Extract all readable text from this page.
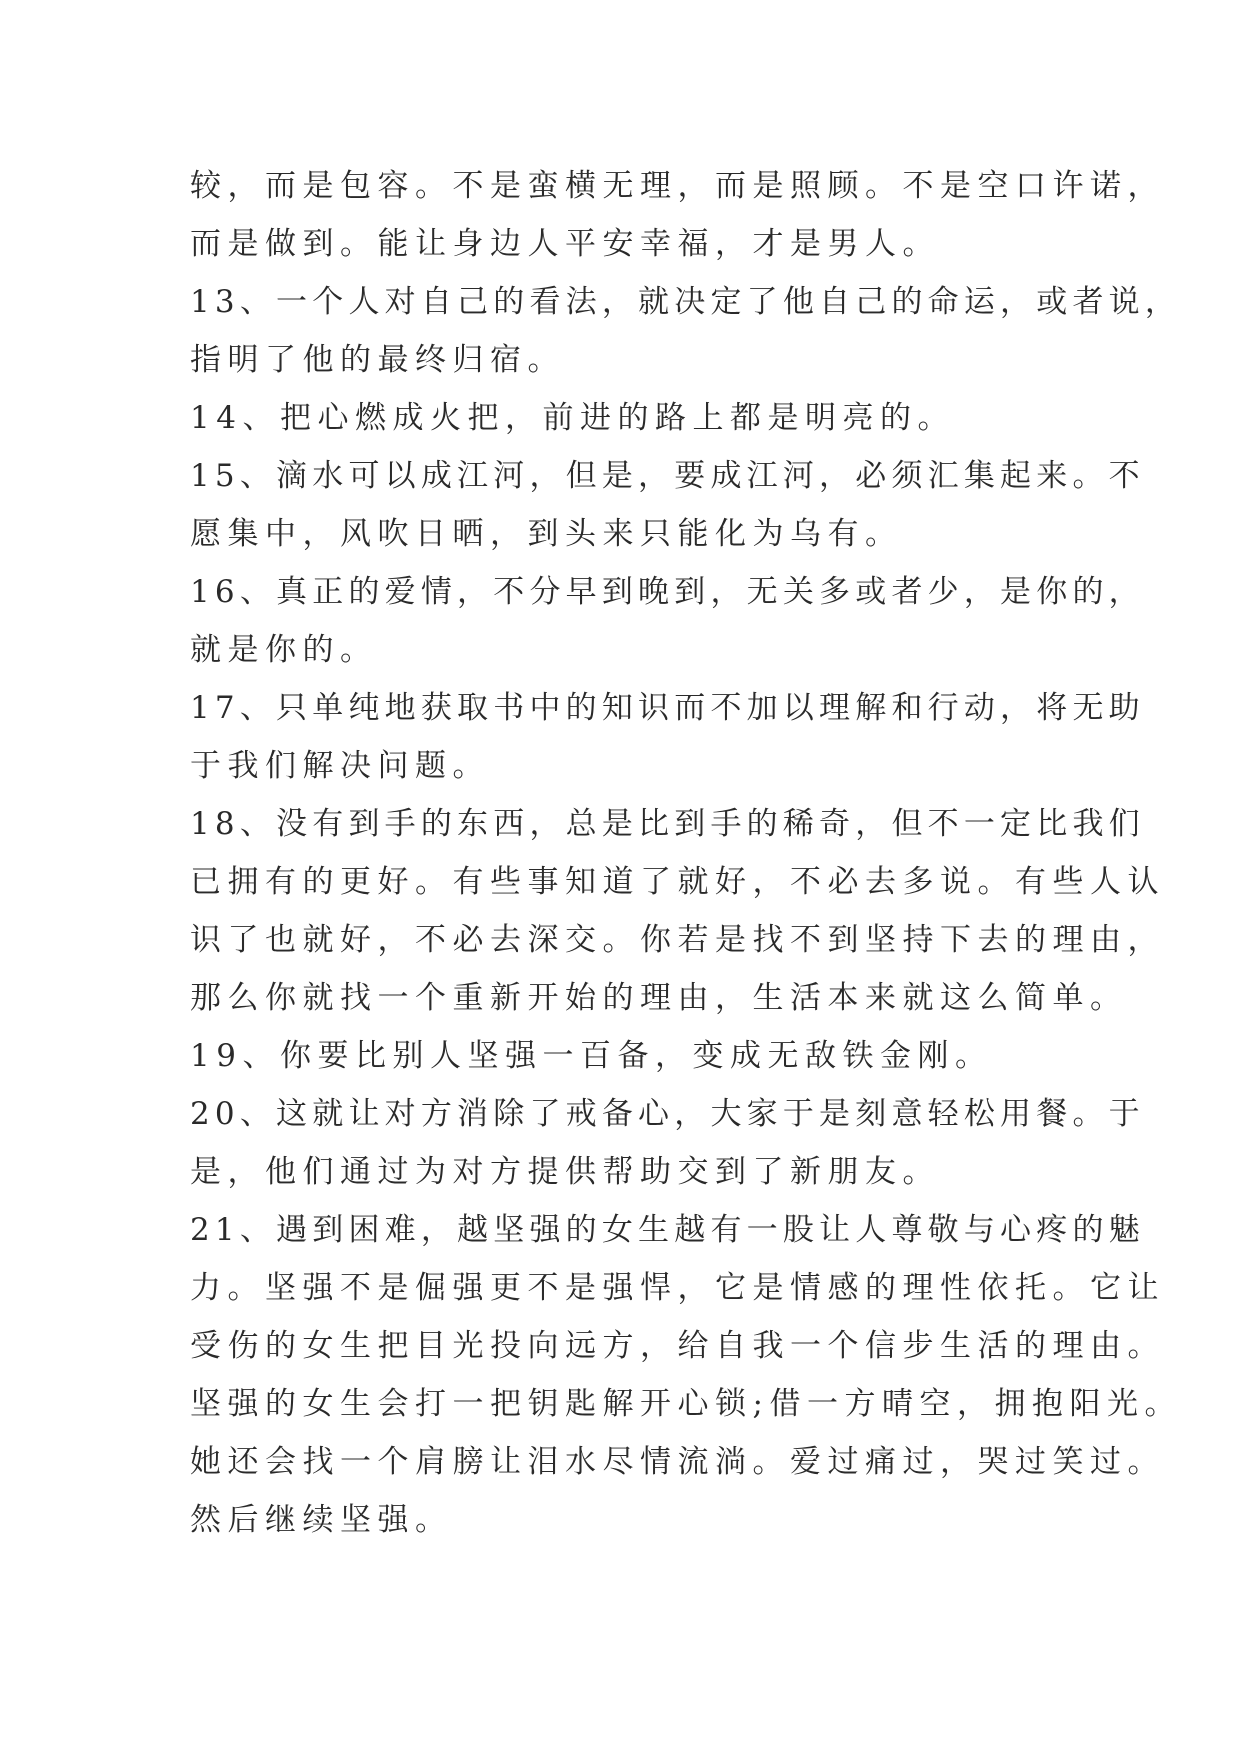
较，而是包容。不是蛮横无理，而是照顾。不是空口许诺，
而是做到。能让身边人平安幸福，才是男人。
13、一个人对自己的看法，就决定了他自己的命运，或者说，
指明了他的最终归宿。
14、把心燃成火把，前进的路上都是明亮的。
15、滴水可以成江河，但是，要成江河，必须汇集起来。不
愿集中，风吹日晒，到头来只能化为乌有。
16、真正的爱情，不分早到晚到，无关多或者少，是你的，
就是你的。
17、只单纯地获取书中的知识而不加以理解和行动，将无助
于我们解决问题。
18、没有到手的东西，总是比到手的稀奇，但不一定比我们
已拥有的更好。有些事知道了就好，不必去多说。有些人认
识了也就好，不必去深交。你若是找不到坚持下去的理由，
那么你就找一个重新开始的理由，生活本来就这么简单。
19、你要比别人坚强一百备，变成无敌铁金刚。
20、这就让对方消除了戒备心，大家于是刻意轻松用餐。于
是，他们通过为对方提供帮助交到了新朋友。
21、遇到困难，越坚强的女生越有一股让人尊敬与心疼的魅
力。坚强不是倔强更不是强悍，它是情感的理性依托。它让
受伤的女生把目光投向远方，给自我一个信步生活的理由。
坚强的女生会打一把钥匙解开心锁;借一方晴空，拥抱阳光。
她还会找一个肩膀让泪水尽情流淌。爱过痛过，哭过笑过。
然后继续坚强。
